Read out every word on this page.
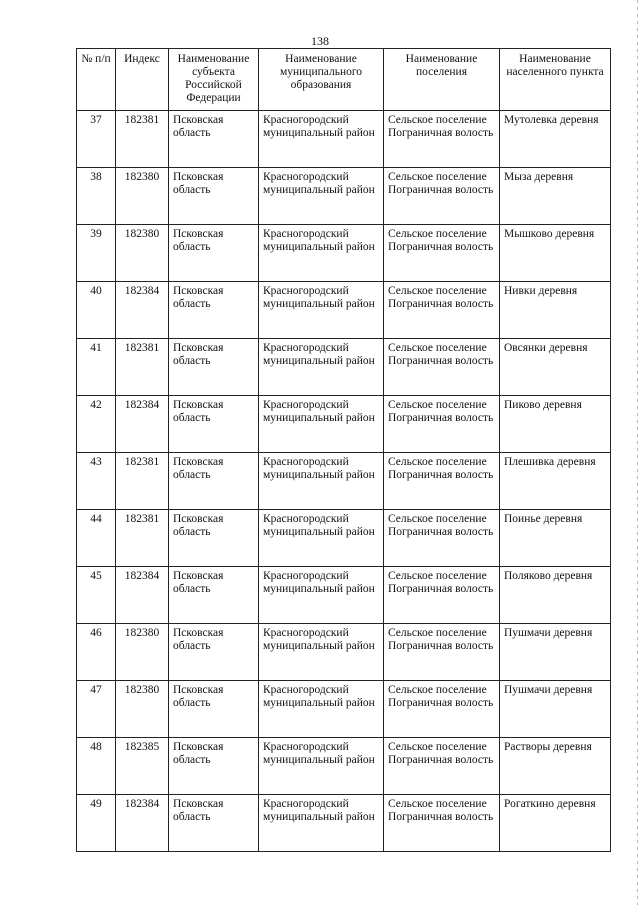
138
№ п/п	Индекс	Наименование субъекта Российской Федерации	Наименование муниципального образования	Наименование поселения	Наименование населенного пункта
37	182381	Псковская область	Красногородский муниципальный район	Сельское поселение Пограничная волость	Мутолевка деревня
38	182380	Псковская область	Красногородский муниципальный район	Сельское поселение Пограничная волость	Мыза деревня
39	182380	Псковская область	Красногородский муниципальный район	Сельское поселение Пограничная волость	Мышково деревня
40	182384	Псковская область	Красногородский муниципальный район	Сельское поселение Пограничная волость	Нивки деревня
41	182381	Псковская область	Красногородский муниципальный район	Сельское поселение Пограничная волость	Овсянки деревня
42	182384	Псковская область	Красногородский муниципальный район	Сельское поселение Пограничная волость	Пиково деревня
43	182381	Псковская область	Красногородский муниципальный район	Сельское поселение Пограничная волость	Плешивка деревня
44	182381	Псковская область	Красногородский муниципальный район	Сельское поселение Пограничная волость	Поинье деревня
45	182384	Псковская область	Красногородский муниципальный район	Сельское поселение Пограничная волость	Поляково деревня
46	182380	Псковская область	Красногородский муниципальный район	Сельское поселение Пограничная волость	Пушмачи деревня
47	182380	Псковская область	Красногородский муниципальный район	Сельское поселение Пограничная волость	Пушмачи деревня
48	182385	Псковская область	Красногородский муниципальный район	Сельское поселение Пограничная волость	Растворы деревня
49	182384	Псковская область	Красногородский муниципальный район	Сельское поселение Пограничная волость	Рогаткино деревня
